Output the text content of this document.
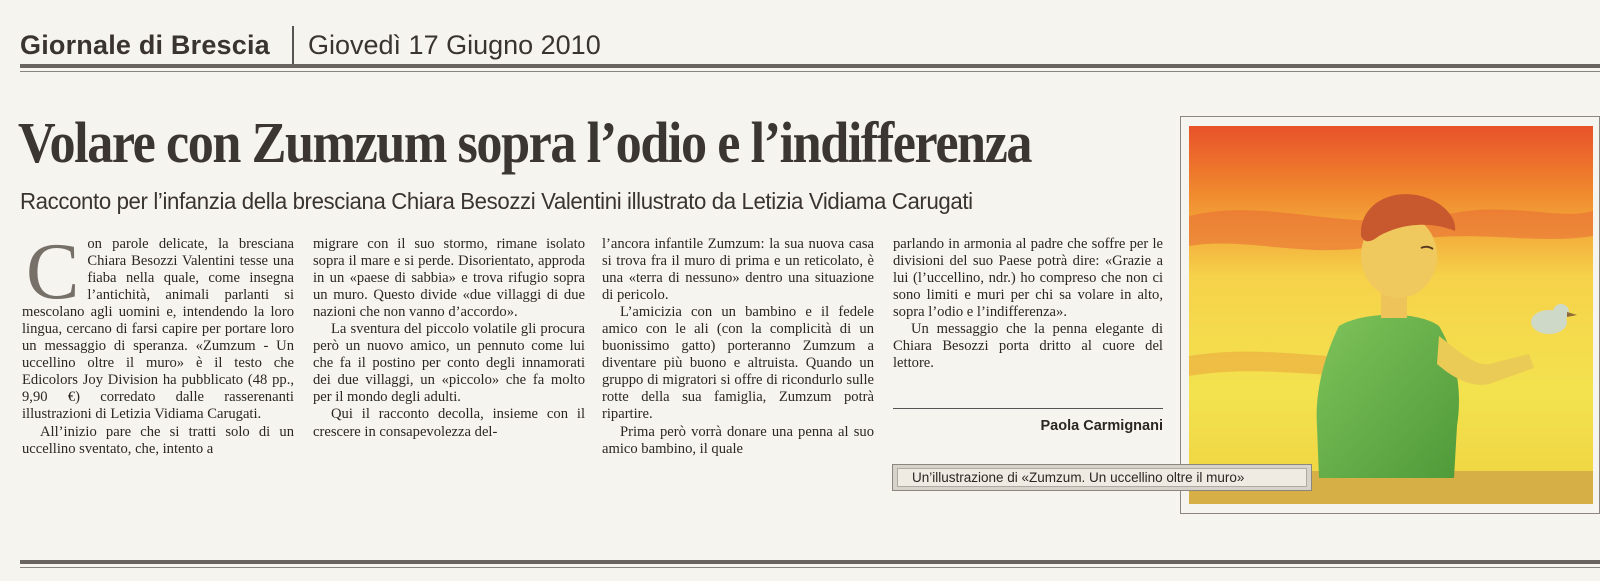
Giornale di Brescia Giovedì 17 Giugno 2010
Volare con Zumzum sopra l’odio e l’indifferenza
Racconto per l’infanzia della bresciana Chiara Besozzi Valentini illustrato da Letizia Vidiama Carugati
C on parole delicate, la bresciana Chiara Besozzi Valentini tesse una fiaba nella quale, come insegna l’antichità, animali parlanti si mescolano agli uomini e, intendendo la loro lingua, cercano di farsi capire per portare loro un messaggio di speranza. «Zumzum - Un uccellino oltre il muro» è il testo che Edicolors Joy Division ha pubblicato (48 pp., 9,90 €) corredato dalle rasserenanti illustrazioni di Letizia Vidiama Carugati.

All’inizio pare che si tratti solo di un uccellino sventato, che, intento a

migrare con il suo stormo, rimane isolato sopra il mare e si perde. Disorientato, approda in un «paese di sabbia» e trova rifugio sopra un muro. Questo divide «due villaggi di due nazioni che non vanno d’accordo».

La sventura del piccolo volatile gli procura però un nuovo amico, un pennuto come lui che fa il postino per conto degli innamorati dei due villaggi, un «piccolo» che fa molto per il mondo degli adulti.

Qui il racconto decolla, insieme con il crescere in consapevolezza del-

l’ancora infantile Zumzum: la sua nuova casa si trova fra il muro di prima e un reticolato, è una «terra di nessuno» dentro una situazione di pericolo.

L’amicizia con un bambino e il fedele amico con le ali (con la complicità di un buonissimo gatto) porteranno Zumzum a diventare più buono e altruista. Quando un gruppo di migratori si offre di ricondurlo sulle rotte della sua famiglia, Zumzum potrà ripartire.

Prima però vorrà donare una penna al suo amico bambino, il quale

parlando in armonia al padre che soffre per le divisioni del suo Paese potrà dire: «Grazie a lui (l’uccellino, ndr.) ho compreso che non ci sono limiti e muri per chi sa volare in alto, sopra l’odio e l’indifferenza».

Un messaggio che la penna elegante di Chiara Besozzi porta dritto al cuore del lettore.

Paola Carmignani
Un’illustrazione di «Zumzum. Un uccellino oltre il muro»
